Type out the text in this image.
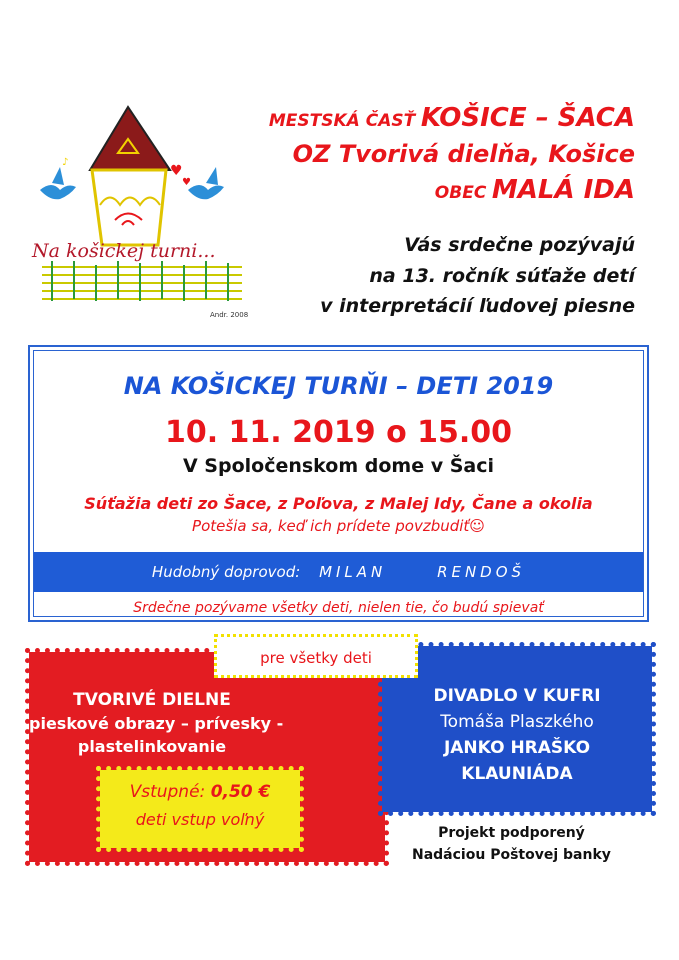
♥
♥
♪
Na košickej turni...
Andr. 2008
MESTSKÁ ČASŤ KOŠICE – ŠACA
OZ Tvorivá dielňa, Košice
OBEC MALÁ IDA
Vás srdečne pozývajú
na 13. ročník súťaže detí
v interpretácií ľudovej piesne
NA KOŠICKEJ TURŇI – DETI 2019
10. 11. 2019 o 15.00
V Spoločenskom dome v Šaci
Súťažia deti zo Šace, z Poľova, z Malej Idy, Čane a okolia
Potešia sa, keď ich prídete povzbudiť☺
Hudobný doprovod: MILAN	RENDOŠ
Srdečne pozývame všetky deti, nielen tie, čo budú spievať
TVORIVÉ DIELNE
pieskové obrazy – prívesky -
plastelinkovanie
DIVADLO V KUFRI
Tomáša Plaszkého
JANKO HRAŠKO
KLAUNIÁDA
pre všetky deti
Vstupné: 0,50 €
deti vstup voľný
Projekt podporený
Nadáciou Poštovej banky
